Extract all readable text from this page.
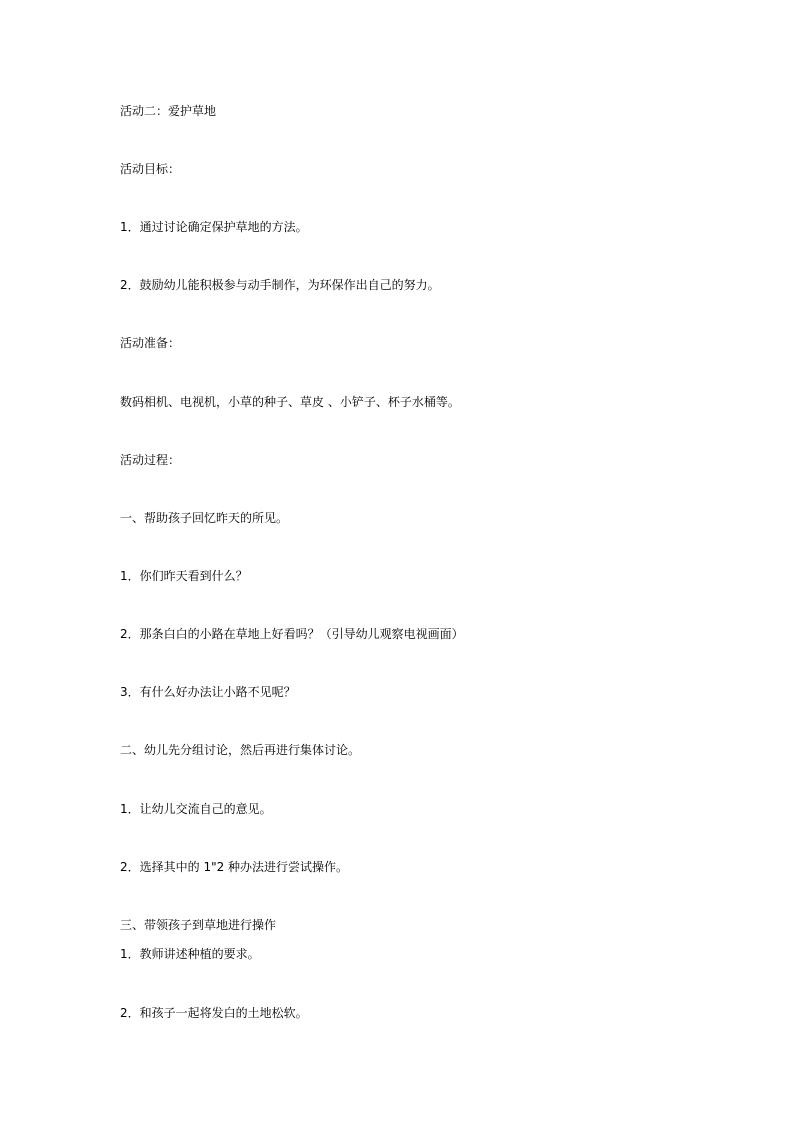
活动二：爱护草地
活动目标：
1．通过讨论确定保护草地的方法。
2．鼓励幼儿能积极参与动手制作，为环保作出自己的努力。
活动准备：
数码相机、电视机，小草的种子、草皮 、小铲子、杯子水桶等。
活动过程：
一、帮助孩子回忆昨天的所见。
1．你们昨天看到什么？
2．那条白白的小路在草地上好看吗？（引导幼儿观察电视画面）
3．有什么好办法让小路不见呢？
二、幼儿先分组讨论，然后再进行集体讨论。
1．让幼儿交流自己的意见。
2．选择其中的 1"2 种办法进行尝试操作。
三、带领孩子到草地进行操作
1．教师讲述种植的要求。
2．和孩子一起将发白的土地松软。
